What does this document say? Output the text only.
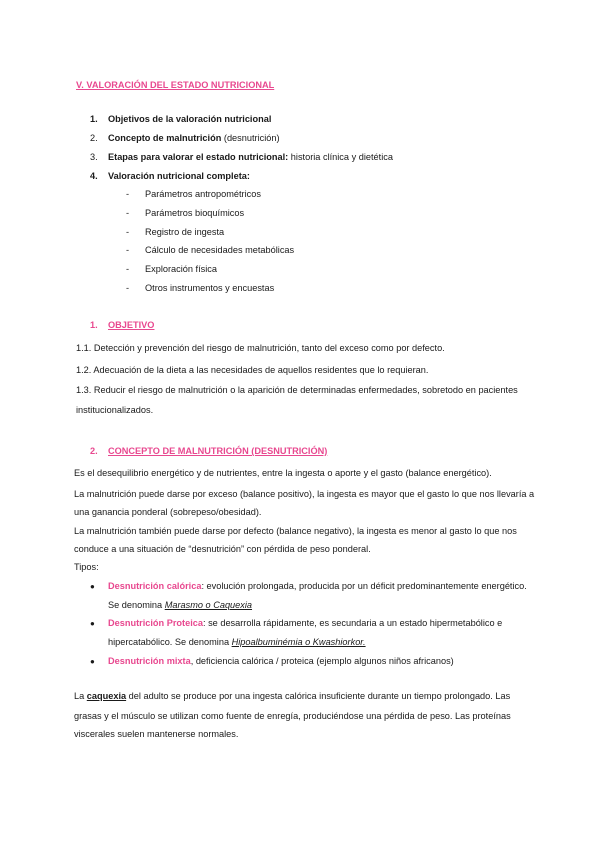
V. VALORACIÓN DEL ESTADO NUTRICIONAL
1. Objetivos de la valoración nutricional
2. Concepto de malnutrición (desnutrición)
3. Etapas para valorar el estado nutricional: historia clínica y dietética
4. Valoración nutricional completa:
- Parámetros antropométricos
- Parámetros bioquímicos
- Registro de ingesta
- Cálculo de necesidades metabólicas
- Exploración física
- Otros instrumentos y encuestas
1. OBJETIVO
1.1. Detección y prevención del riesgo de malnutrición, tanto del exceso como por defecto.
1.2. Adecuación de la dieta a las necesidades de aquellos residentes que lo requieran.
1.3. Reducir el riesgo de malnutrición o la aparición de determinadas enfermedades, sobretodo en pacientes
institucionalizados.
2. CONCEPTO DE MALNUTRICIÓN (DESNUTRICIÓN)
Es el desequilibrio energético y de nutrientes, entre la ingesta o aporte y el gasto (balance energético).
La malnutrición puede darse por exceso (balance positivo), la ingesta es mayor que el gasto lo que nos llevaría a
una ganancia ponderal (sobrepeso/obesidad).
La malnutrición también puede darse por defecto (balance negativo), la ingesta es menor al gasto lo que nos
conduce a una situación de “desnutrición” con pérdida de peso ponderal.
Tipos:
● Desnutrición calórica: evolución prolongada, producida por un déficit predominantemente energético.
Se denomina Marasmo o Caquexia
● Desnutrición Proteica: se desarrolla rápidamente, es secundaria a un estado hipermetabólico e
hipercatabólico. Se denomina Hipoalbuminémia o Kwashiorkor.
● Desnutrición mixta, deficiencia calórica / proteica (ejemplo algunos niños africanos)
La caquexia del adulto se produce por una ingesta calórica insuficiente durante un tiempo prolongado. Las
grasas y el músculo se utilizan como fuente de enregía, produciéndose una pérdida de peso. Las proteínas
viscerales suelen mantenerse normales.
